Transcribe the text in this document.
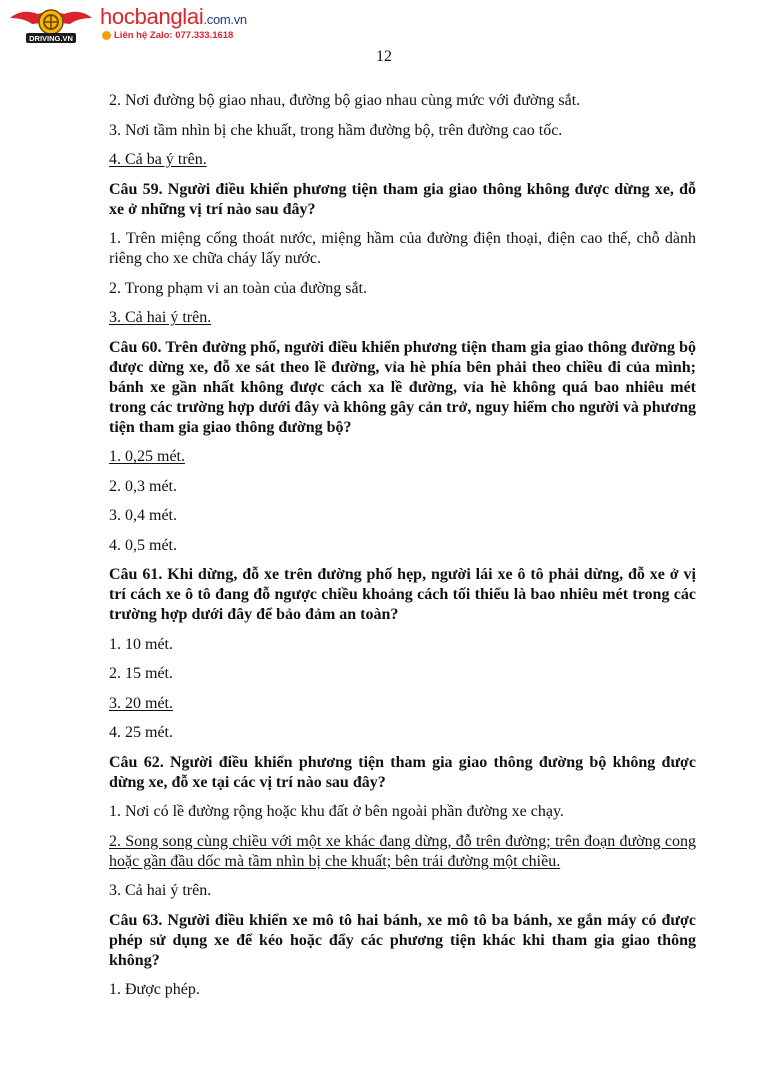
DRIVING.VN
hocbanglai.com.vn
Liên hệ Zalo: 077.333.1618
12

2. Nơi đường bộ giao nhau, đường bộ giao nhau cùng mức với đường sắt.

3. Nơi tầm nhìn bị che khuất, trong hầm đường bộ, trên đường cao tốc.

4. Cả ba ý trên.

Câu 59. Người điều khiển phương tiện tham gia giao thông không được dừng xe, đỗ xe ở những vị trí nào sau đây?

1. Trên miệng cống thoát nước, miệng hầm của đường điện thoại, điện cao thế, chỗ dành riêng cho xe chữa cháy lấy nước.

2. Trong phạm vi an toàn của đường sắt.

3. Cả hai ý trên.

Câu 60. Trên đường phố, người điều khiển phương tiện tham gia giao thông đường bộ được dừng xe, đỗ xe sát theo lề đường, vỉa hè phía bên phải theo chiều đi của mình; bánh xe gần nhất không được cách xa lề đường, vỉa hè không quá bao nhiêu mét trong các trường hợp dưới đây và không gây cản trở, nguy hiểm cho người và phương tiện tham gia giao thông đường bộ?

1. 0,25 mét.

2. 0,3 mét.

3. 0,4 mét.

4. 0,5 mét.

Câu 61. Khi dừng, đỗ xe trên đường phố hẹp, người lái xe ô tô phải dừng, đỗ xe ở vị trí cách xe ô tô đang đỗ ngược chiều khoảng cách tối thiểu là bao nhiêu mét trong các trường hợp dưới đây để bảo đảm an toàn?

1. 10 mét.

2. 15 mét.

3. 20 mét.

4. 25 mét.

Câu 62. Người điều khiển phương tiện tham gia giao thông đường bộ không được dừng xe, đỗ xe tại các vị trí nào sau đây?

1. Nơi có lề đường rộng hoặc khu đất ở bên ngoài phần đường xe chạy.

2. Song song cùng chiều với một xe khác đang dừng, đỗ trên đường; trên đoạn đường cong hoặc gần đầu dốc mà tầm nhìn bị che khuất; bên trái đường một chiều.

3. Cả hai ý trên.

Câu 63. Người điều khiển xe mô tô hai bánh, xe mô tô ba bánh, xe gắn máy có được phép sử dụng xe để kéo hoặc đẩy các phương tiện khác khi tham gia giao thông không?

1. Được phép.
